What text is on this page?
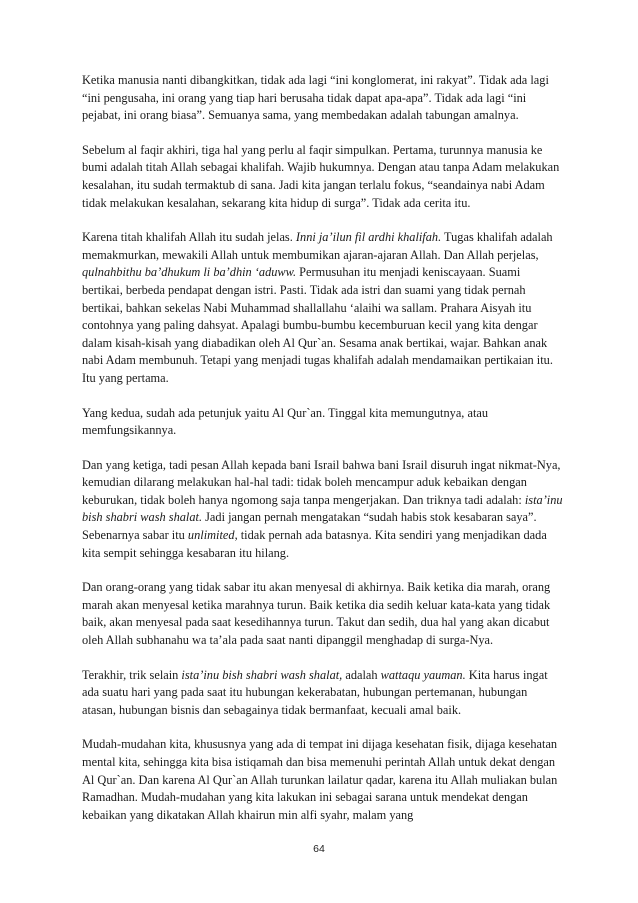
Ketika manusia nanti dibangkitkan, tidak ada lagi “ini konglomerat, ini rakyat”. Tidak ada lagi “ini pengusaha, ini orang yang tiap hari berusaha tidak dapat apa-apa”. Tidak ada lagi “ini pejabat, ini orang biasa”. Semuanya sama, yang membedakan adalah tabungan amalnya.

Sebelum al faqir akhiri, tiga hal yang perlu al faqir simpulkan. Pertama, turunnya manusia ke bumi adalah titah Allah sebagai khalifah. Wajib hukumnya. Dengan atau tanpa Adam melakukan kesalahan, itu sudah termaktub di sana. Jadi kita jangan terlalu fokus, “seandainya nabi Adam tidak melakukan kesalahan, sekarang kita hidup di surga”. Tidak ada cerita itu.

Karena titah khalifah Allah itu sudah jelas. Inni ja’ilun fil ardhi khalifah. Tugas khalifah adalah memakmurkan, mewakili Allah untuk membumikan ajaran-ajaran Allah. Dan Allah perjelas, qulnahbithu ba’dhukum li ba’dhin ‘aduww. Permusuhan itu menjadi keniscayaan. Suami bertikai, berbeda pendapat dengan istri. Pasti. Tidak ada istri dan suami yang tidak pernah bertikai, bahkan sekelas Nabi Muhammad shallallahu ‘alaihi wa sallam. Prahara Aisyah itu contohnya yang paling dahsyat. Apalagi bumbu-bumbu kecemburuan kecil yang kita dengar dalam kisah-kisah yang diabadikan oleh Al Qur`an. Sesama anak bertikai, wajar. Bahkan anak nabi Adam membunuh. Tetapi yang menjadi tugas khalifah adalah mendamaikan pertikaian itu. Itu yang pertama.

Yang kedua, sudah ada petunjuk yaitu Al Qur`an. Tinggal kita memungutnya, atau memfungsikannya.

Dan yang ketiga, tadi pesan Allah kepada bani Israil bahwa bani Israil disuruh ingat nikmat-Nya, kemudian dilarang melakukan hal-hal tadi: tidak boleh mencampur aduk kebaikan dengan keburukan, tidak boleh hanya ngomong saja tanpa mengerjakan. Dan triknya tadi adalah: ista’inu bish shabri wash shalat. Jadi jangan pernah mengatakan “sudah habis stok kesabaran saya”. Sebenarnya sabar itu unlimited, tidak pernah ada batasnya. Kita sendiri yang menjadikan dada kita sempit sehingga kesabaran itu hilang.

Dan orang-orang yang tidak sabar itu akan menyesal di akhirnya. Baik ketika dia marah, orang marah akan menyesal ketika marahnya turun. Baik ketika dia sedih keluar kata-kata yang tidak baik, akan menyesal pada saat kesedihannya turun. Takut dan sedih, dua hal yang akan dicabut oleh Allah subhanahu wa ta’ala pada saat nanti dipanggil menghadap di surga-Nya.

Terakhir, trik selain ista’inu bish shabri wash shalat, adalah wattaqu yauman. Kita harus ingat ada suatu hari yang pada saat itu hubungan kekerabatan, hubungan pertemanan, hubungan atasan, hubungan bisnis dan sebagainya tidak bermanfaat, kecuali amal baik.

Mudah-mudahan kita, khususnya yang ada di tempat ini dijaga kesehatan fisik, dijaga kesehatan mental kita, sehingga kita bisa istiqamah dan bisa memenuhi perintah Allah untuk dekat dengan Al Qur`an. Dan karena Al Qur`an Allah turunkan lailatur qadar, karena itu Allah muliakan bulan Ramadhan. Mudah-mudahan yang kita lakukan ini sebagai sarana untuk mendekat dengan kebaikan yang dikatakan Allah khairun min alfi syahr, malam yang

64
